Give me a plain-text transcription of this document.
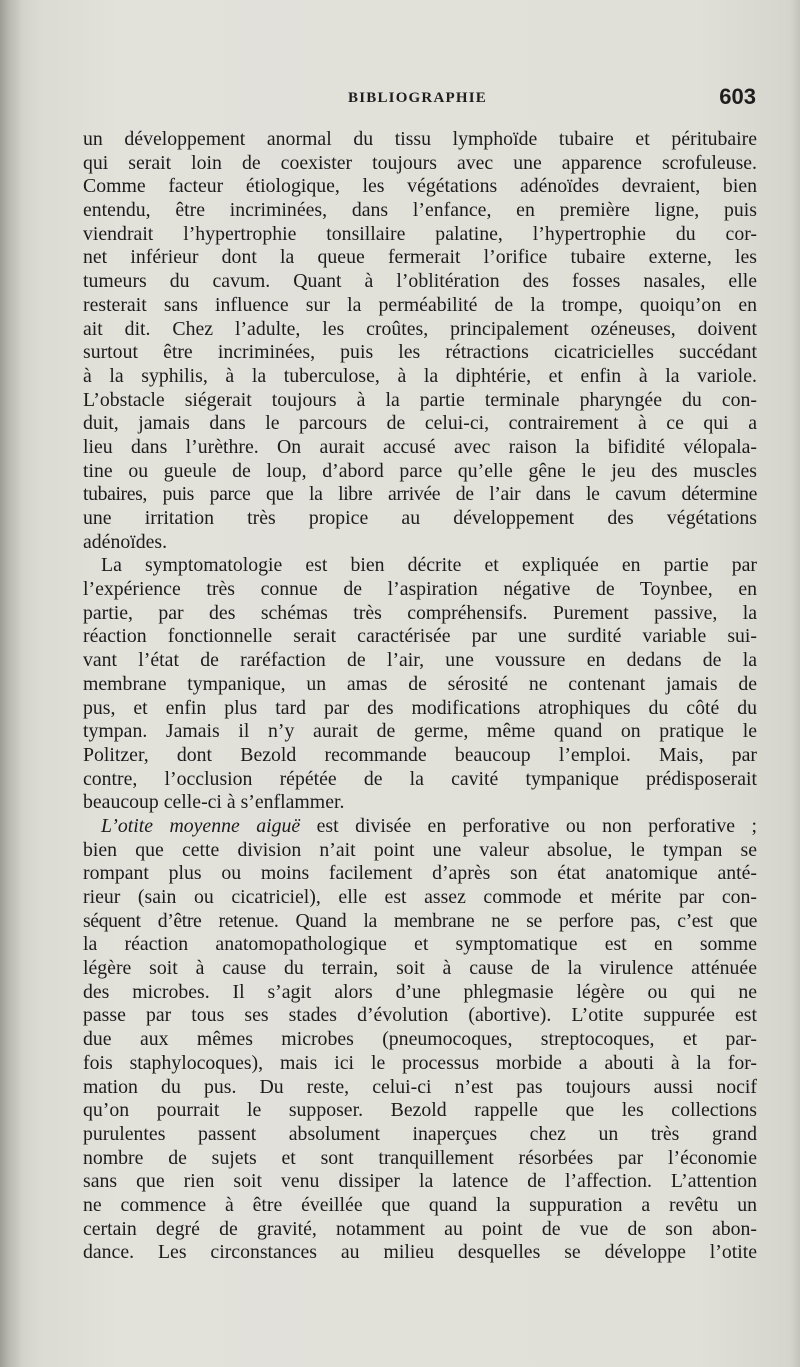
BIBLIOGRAPHIE	603
un développement anormal du tissu lymphoïde tubaire et péritubaire
qui serait loin de coexister toujours avec une apparence scrofuleuse.
Comme facteur étiologique, les végétations adénoïdes devraient, bien
entendu, être incriminées, dans l’enfance, en première ligne, puis
viendrait l’hypertrophie tonsillaire palatine, l’hypertrophie du cor-
net inférieur dont la queue fermerait l’orifice tubaire externe, les
tumeurs du cavum. Quant à l’oblitération des fosses nasales, elle
resterait sans influence sur la perméabilité de la trompe, quoiqu’on en
ait dit. Chez l’adulte, les croûtes, principalement ozéneuses, doivent
surtout être incriminées, puis les rétractions cicatricielles succédant
à la syphilis, à la tuberculose, à la diphtérie, et enfin à la variole.
L’obstacle siégerait toujours à la partie terminale pharyngée du con-
duit, jamais dans le parcours de celui-ci, contrairement à ce qui a
lieu dans l’urèthre. On aurait accusé avec raison la bifidité vélopala-
tine ou gueule de loup, d’abord parce qu’elle gêne le jeu des muscles
tubaires, puis parce que la libre arrivée de l’air dans le cavum détermine
une irritation très propice au développement des végétations
adénoïdes.
La symptomatologie est bien décrite et expliquée en partie par
l’expérience très connue de l’aspiration négative de Toynbee, en
partie, par des schémas très compréhensifs. Purement passive, la
réaction fonctionnelle serait caractérisée par une surdité variable sui-
vant l’état de raréfaction de l’air, une voussure en dedans de la
membrane tympanique, un amas de sérosité ne contenant jamais de
pus, et enfin plus tard par des modifications atrophiques du côté du
tympan. Jamais il n’y aurait de germe, même quand on pratique le
Politzer, dont Bezold recommande beaucoup l’emploi. Mais, par
contre, l’occlusion répétée de la cavité tympanique prédisposerait
beaucoup celle-ci à s’enflammer.
L’otite moyenne aiguë est divisée en perforative ou non perforative ;
bien que cette division n’ait point une valeur absolue, le tympan se
rompant plus ou moins facilement d’après son état anatomique anté-
rieur (sain ou cicatriciel), elle est assez commode et mérite par con-
séquent d’être retenue. Quand la membrane ne se perfore pas, c’est que
la réaction anatomopathologique et symptomatique est en somme
légère soit à cause du terrain, soit à cause de la virulence atténuée
des microbes. Il s’agit alors d’une phlegmasie légère ou qui ne
passe par tous ses stades d’évolution (abortive). L’otite suppurée est
due aux mêmes microbes (pneumocoques, streptocoques, et par-
fois staphylocoques), mais ici le processus morbide a abouti à la for-
mation du pus. Du reste, celui-ci n’est pas toujours aussi nocif
qu’on pourrait le supposer. Bezold rappelle que les collections
purulentes passent absolument inaperçues chez un très grand
nombre de sujets et sont tranquillement résorbées par l’économie
sans que rien soit venu dissiper la latence de l’affection. L’attention
ne commence à être éveillée que quand la suppuration a revêtu un
certain degré de gravité, notamment au point de vue de son abon-
dance. Les circonstances au milieu desquelles se développe l’otite
